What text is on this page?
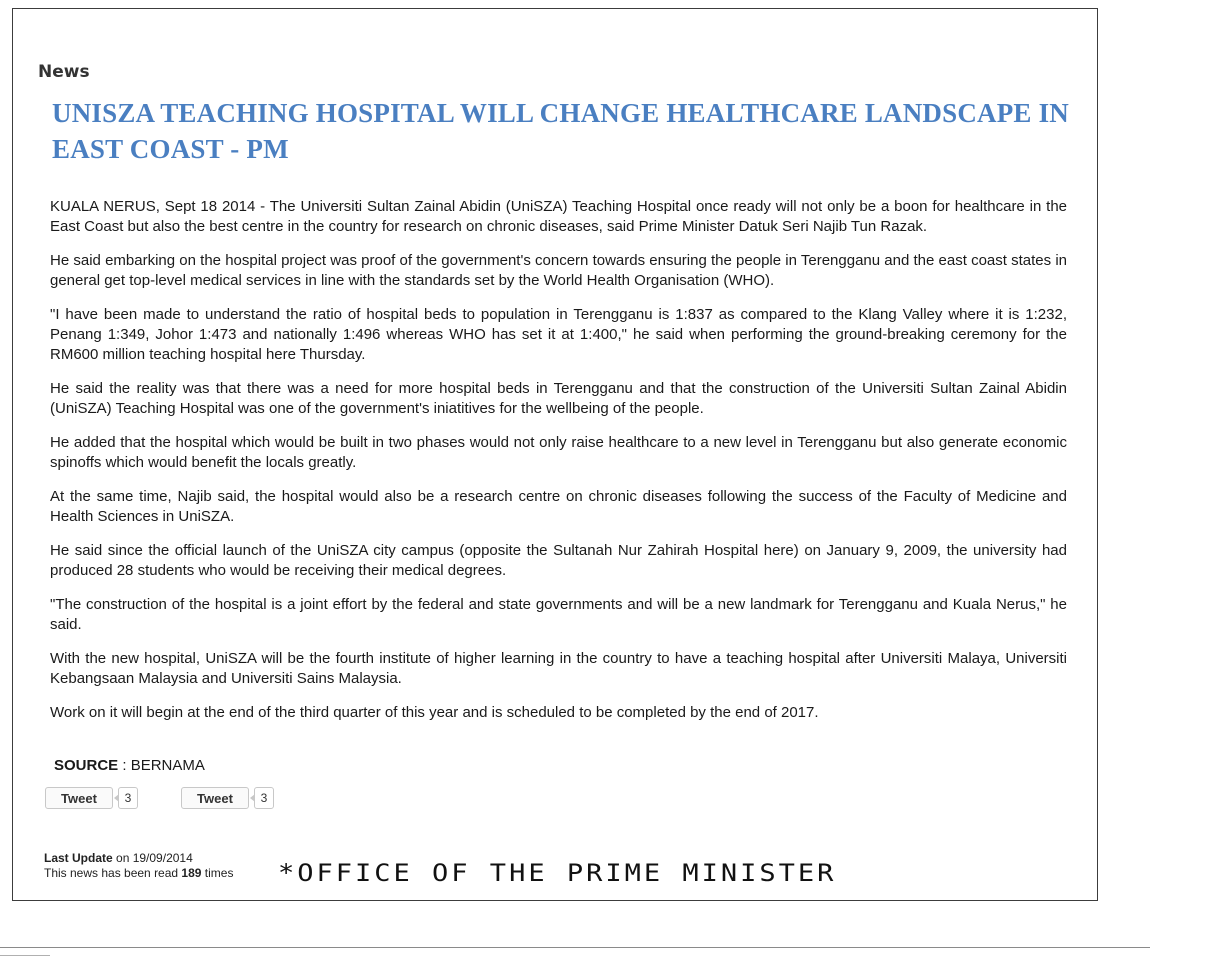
News
UNISZA TEACHING HOSPITAL WILL CHANGE HEALTHCARE LANDSCAPE IN EAST COAST - PM

KUALA NERUS, Sept 18 2014 - The Universiti Sultan Zainal Abidin (UniSZA) Teaching Hospital once ready will not only be a boon for healthcare in the East Coast but also the best centre in the country for research on chronic diseases, said Prime Minister Datuk Seri Najib Tun Razak.

He said embarking on the hospital project was proof of the government's concern towards ensuring the people in Terengganu and the east coast states in general get top-level medical services in line with the standards set by the World Health Organisation (WHO).

"I have been made to understand the ratio of hospital beds to population in Terengganu is 1:837 as compared to the Klang Valley where it is 1:232, Penang 1:349, Johor 1:473 and nationally 1:496 whereas WHO has set it at 1:400," he said when performing the ground-breaking ceremony for the RM600 million teaching hospital here Thursday.

He said the reality was that there was a need for more hospital beds in Terengganu and that the construction of the Universiti Sultan Zainal Abidin (UniSZA) Teaching Hospital was one of the government's iniatitives for the wellbeing of the people.

He added that the hospital which would be built in two phases would not only raise healthcare to a new level in Terengganu but also generate economic spinoffs which would benefit the locals greatly.

At the same time, Najib said, the hospital would also be a research centre on chronic diseases following the success of the Faculty of Medicine and Health Sciences in UniSZA.

He said since the official launch of the UniSZA city campus (opposite the Sultanah Nur Zahirah Hospital here) on January 9, 2009, the university had produced 28 students who would be receiving their medical degrees.

"The construction of the hospital is a joint effort by the federal and state governments and will be a new landmark for Terengganu and Kuala Nerus," he said.

With the new hospital, UniSZA will be the fourth institute of higher learning in the country to have a teaching hospital after Universiti Malaya, Universiti Kebangsaan Malaysia and Universiti Sains Malaysia.

Work on it will begin at the end of the third quarter of this year and is scheduled to be completed by the end of 2017.

SOURCE : BERNAMA
Tweet	3	Tweet	3
Last Update on 19/09/2014
This news has been read 189 times *OFFICE OF THE PRIME MINISTER
